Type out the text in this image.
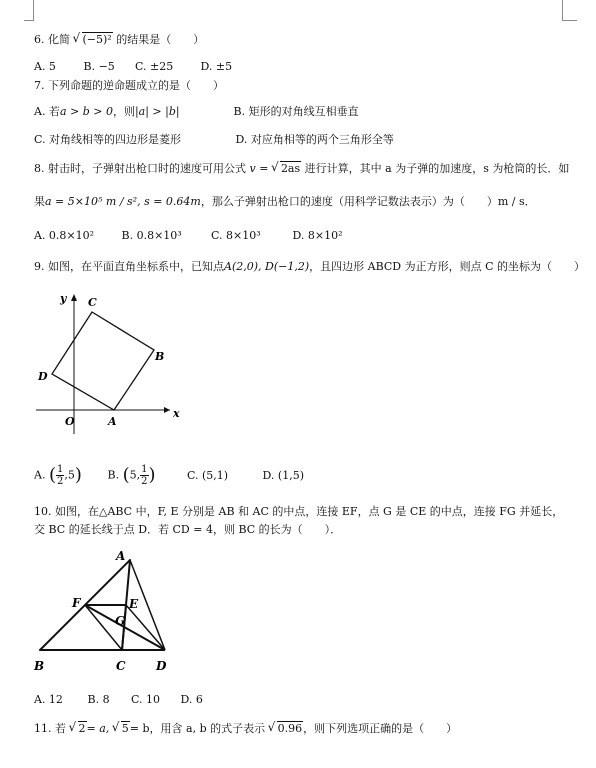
6. 化简 √ (−5)² 的结果是（　　）
A. 5	B. −5 C. ±25 D. ±5
7. 下列命题的逆命题成立的是（　　）
A. 若a > b > 0，则|a| > |b|	B. 矩形的对角线互相垂直
C. 对角线相等的四边形是菱形	D. 对应角相等的两个三角形全等
8. 射击时，子弹射出枪口时的速度可用公式 v = √ 2as 进行计算，其中 a 为子弹的加速度，s 为枪筒的长．如
果a = 5×10⁵ m / s², s = 0.64m，那么子弹射出枪口的速度（用科学记数法表示）为（　　）m / s．
A. 0.8×10² B. 0.8×10³	C. 8×10³	D. 8×10²
9. 如图，在平面直角坐标系中，已知点A(2,0), D(−1,2)，且四边形 ABCD 为正方形，则点 C 的坐标为（　　）
y
x
O	A
B
C
D
A. ( $\frac{1}{2} ,5$) B. (5, $\frac{1}{2}$ )	C. (5,1)	D. (1,5)
10. 如图，在△ABC 中，F, E 分别是 AB 和 AC 的中点，连接 EF，点 G 是 CE 的中点，连接 FG 并延长，
交 BC 的延长线于点 D．若 CD = 4，则 BC 的长为（　　）．
A
B	C	D
E
F
G
A. 12 B. 8 C. 10 D. 6
11. 若 √ 2= a, √ 5= b，用含 a, b 的式子表示 √ 0.96，则下列选项正确的是（　　）
